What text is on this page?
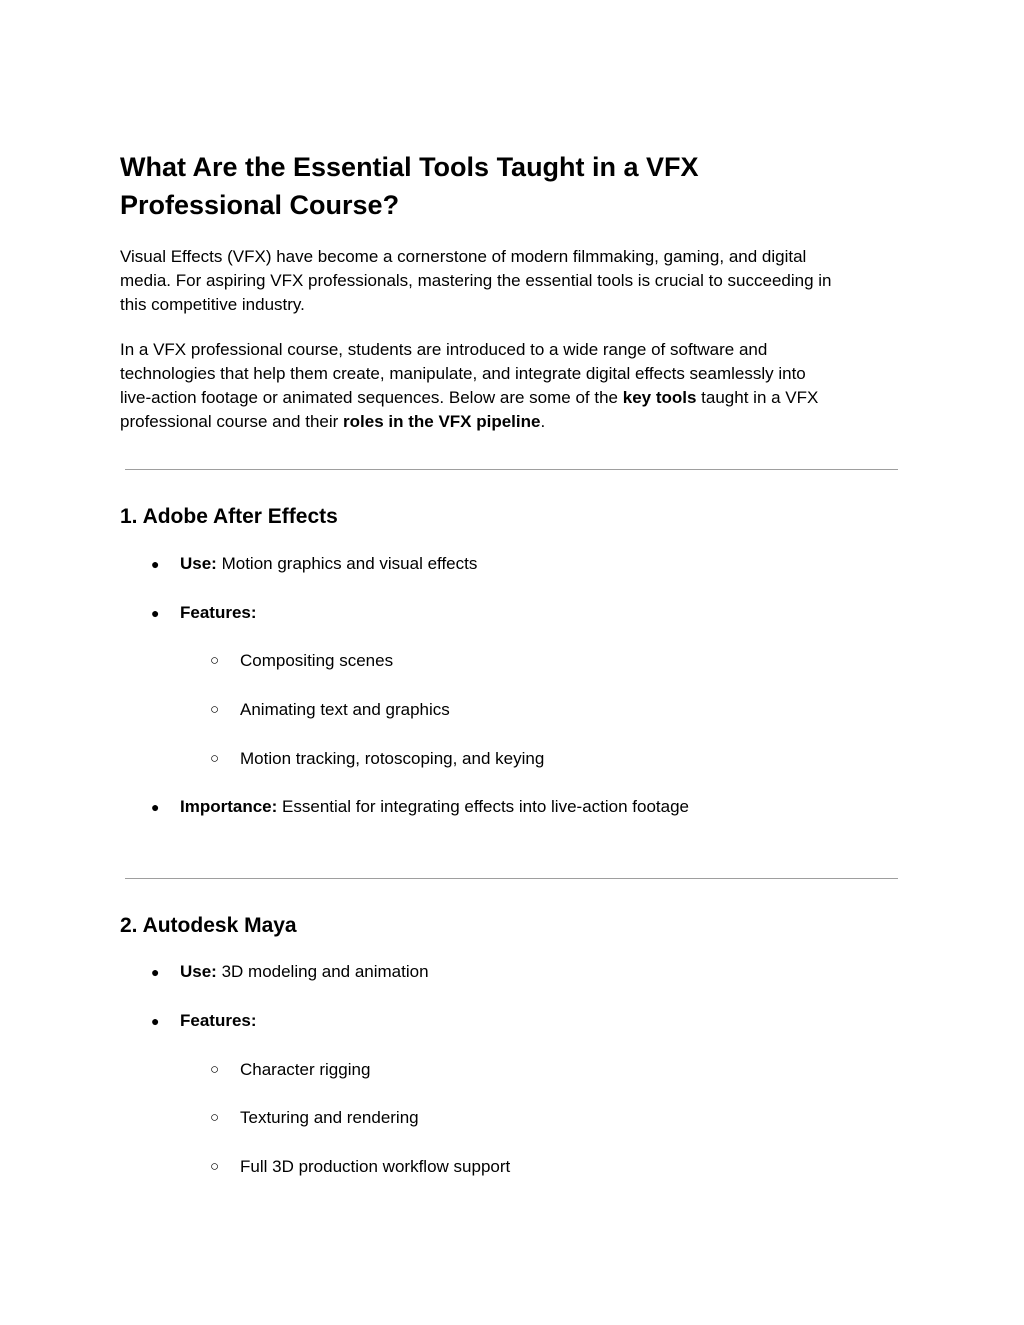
What Are the Essential Tools Taught in a VFX
Professional Course?
Visual Effects (VFX) have become a cornerstone of modern filmmaking, gaming, and digital
media. For aspiring VFX professionals, mastering the essential tools is crucial to succeeding in
this competitive industry.
In a VFX professional course, students are introduced to a wide range of software and
technologies that help them create, manipulate, and integrate digital effects seamlessly into
live-action footage or animated sequences. Below are some of the key tools taught in a VFX
professional course and their roles in the VFX pipeline.
1. Adobe After Effects
● Use: Motion graphics and visual effects
● Features:
○ Compositing scenes
○ Animating text and graphics
○ Motion tracking, rotoscoping, and keying
● Importance: Essential for integrating effects into live-action footage
2. Autodesk Maya
● Use: 3D modeling and animation
● Features:
○ Character rigging
○ Texturing and rendering
○ Full 3D production workflow support
